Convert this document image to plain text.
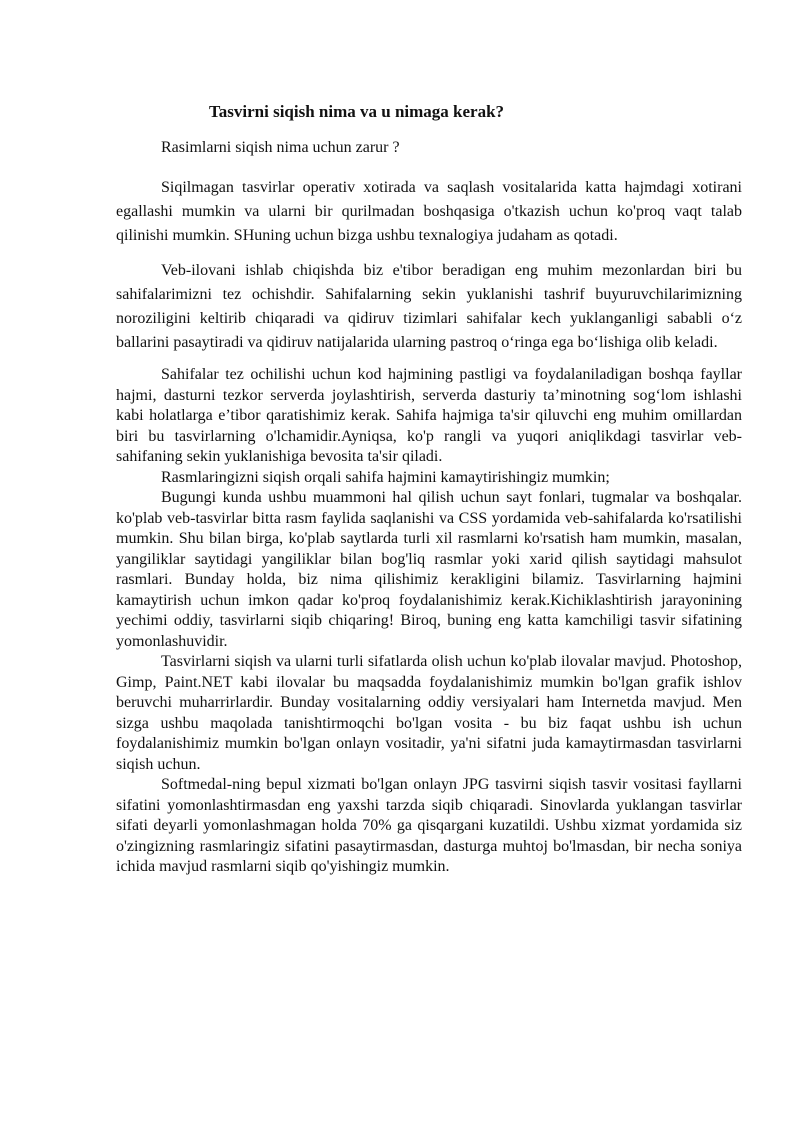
Tasvirni siqish nima va u nimaga kerak?

Rasimlarni siqish nima uchun zarur ?

Siqilmagan tasvirlar operativ xotirada va saqlash vositalarida katta hajmdagi xotirani egallashi mumkin va ularni bir qurilmadan boshqasiga o'tkazish uchun ko'proq vaqt talab qilinishi mumkin. SHuning uchun bizga ushbu texnalogiya judaham as qotadi.

Veb-ilovani ishlab chiqishda biz e'tibor beradigan eng muhim mezonlardan biri bu sahifalarimizni tez ochishdir. Sahifalarning sekin yuklanishi tashrif buyuruvchilarimizning noroziligini keltirib chiqaradi va qidiruv tizimlari sahifalar kech yuklanganligi sababli o‘z ballarini pasaytiradi va qidiruv natijalarida ularning pastroq o‘ringa ega bo‘lishiga olib keladi.

Sahifalar tez ochilishi uchun kod hajmining pastligi va foydalaniladigan boshqa fayllar hajmi, dasturni tezkor serverda joylashtirish, serverda dasturiy ta’minotning sog‘lom ishlashi kabi holatlarga e’tibor qaratishimiz kerak. Sahifa hajmiga ta'sir qiluvchi eng muhim omillardan biri bu tasvirlarning o'lchamidir.Ayniqsa, ko'p rangli va yuqori aniqlikdagi tasvirlar veb-sahifaning sekin yuklanishiga bevosita ta'sir qiladi.

Rasmlaringizni siqish orqali sahifa hajmini kamaytirishingiz mumkin;

Bugungi kunda ushbu muammoni hal qilish uchun sayt fonlari, tugmalar va boshqalar. ko'plab veb-tasvirlar bitta rasm faylida saqlanishi va CSS yordamida veb-sahifalarda ko'rsatilishi mumkin. Shu bilan birga, ko'plab saytlarda turli xil rasmlarni ko'rsatish ham mumkin, masalan, yangiliklar saytidagi yangiliklar bilan bog'liq rasmlar yoki xarid qilish saytidagi mahsulot rasmlari. Bunday holda, biz nima qilishimiz kerakligini bilamiz. Tasvirlarning hajmini kamaytirish uchun imkon qadar ko'proq foydalanishimiz kerak.Kichiklashtirish jarayonining yechimi oddiy, tasvirlarni siqib chiqaring! Biroq, buning eng katta kamchiligi tasvir sifatining yomonlashuvidir.

Tasvirlarni siqish va ularni turli sifatlarda olish uchun ko'plab ilovalar mavjud. Photoshop, Gimp, Paint.NET kabi ilovalar bu maqsadda foydalanishimiz mumkin bo'lgan grafik ishlov beruvchi muharrirlardir. Bunday vositalarning oddiy versiyalari ham Internetda mavjud. Men sizga ushbu maqolada tanishtirmoqchi bo'lgan vosita - bu biz faqat ushbu ish uchun foydalanishimiz mumkin bo'lgan onlayn vositadir, ya'ni sifatni juda kamaytirmasdan tasvirlarni siqish uchun.

Softmedal-ning bepul xizmati bo'lgan onlayn JPG tasvirni siqish tasvir vositasi fayllarni sifatini yomonlashtirmasdan eng yaxshi tarzda siqib chiqaradi. Sinovlarda yuklangan tasvirlar sifati deyarli yomonlashmagan holda 70% ga qisqargani kuzatildi. Ushbu xizmat yordamida siz o'zingizning rasmlaringiz sifatini pasaytirmasdan, dasturga muhtoj bo'lmasdan, bir necha soniya ichida mavjud rasmlarni siqib qo'yishingiz mumkin.
